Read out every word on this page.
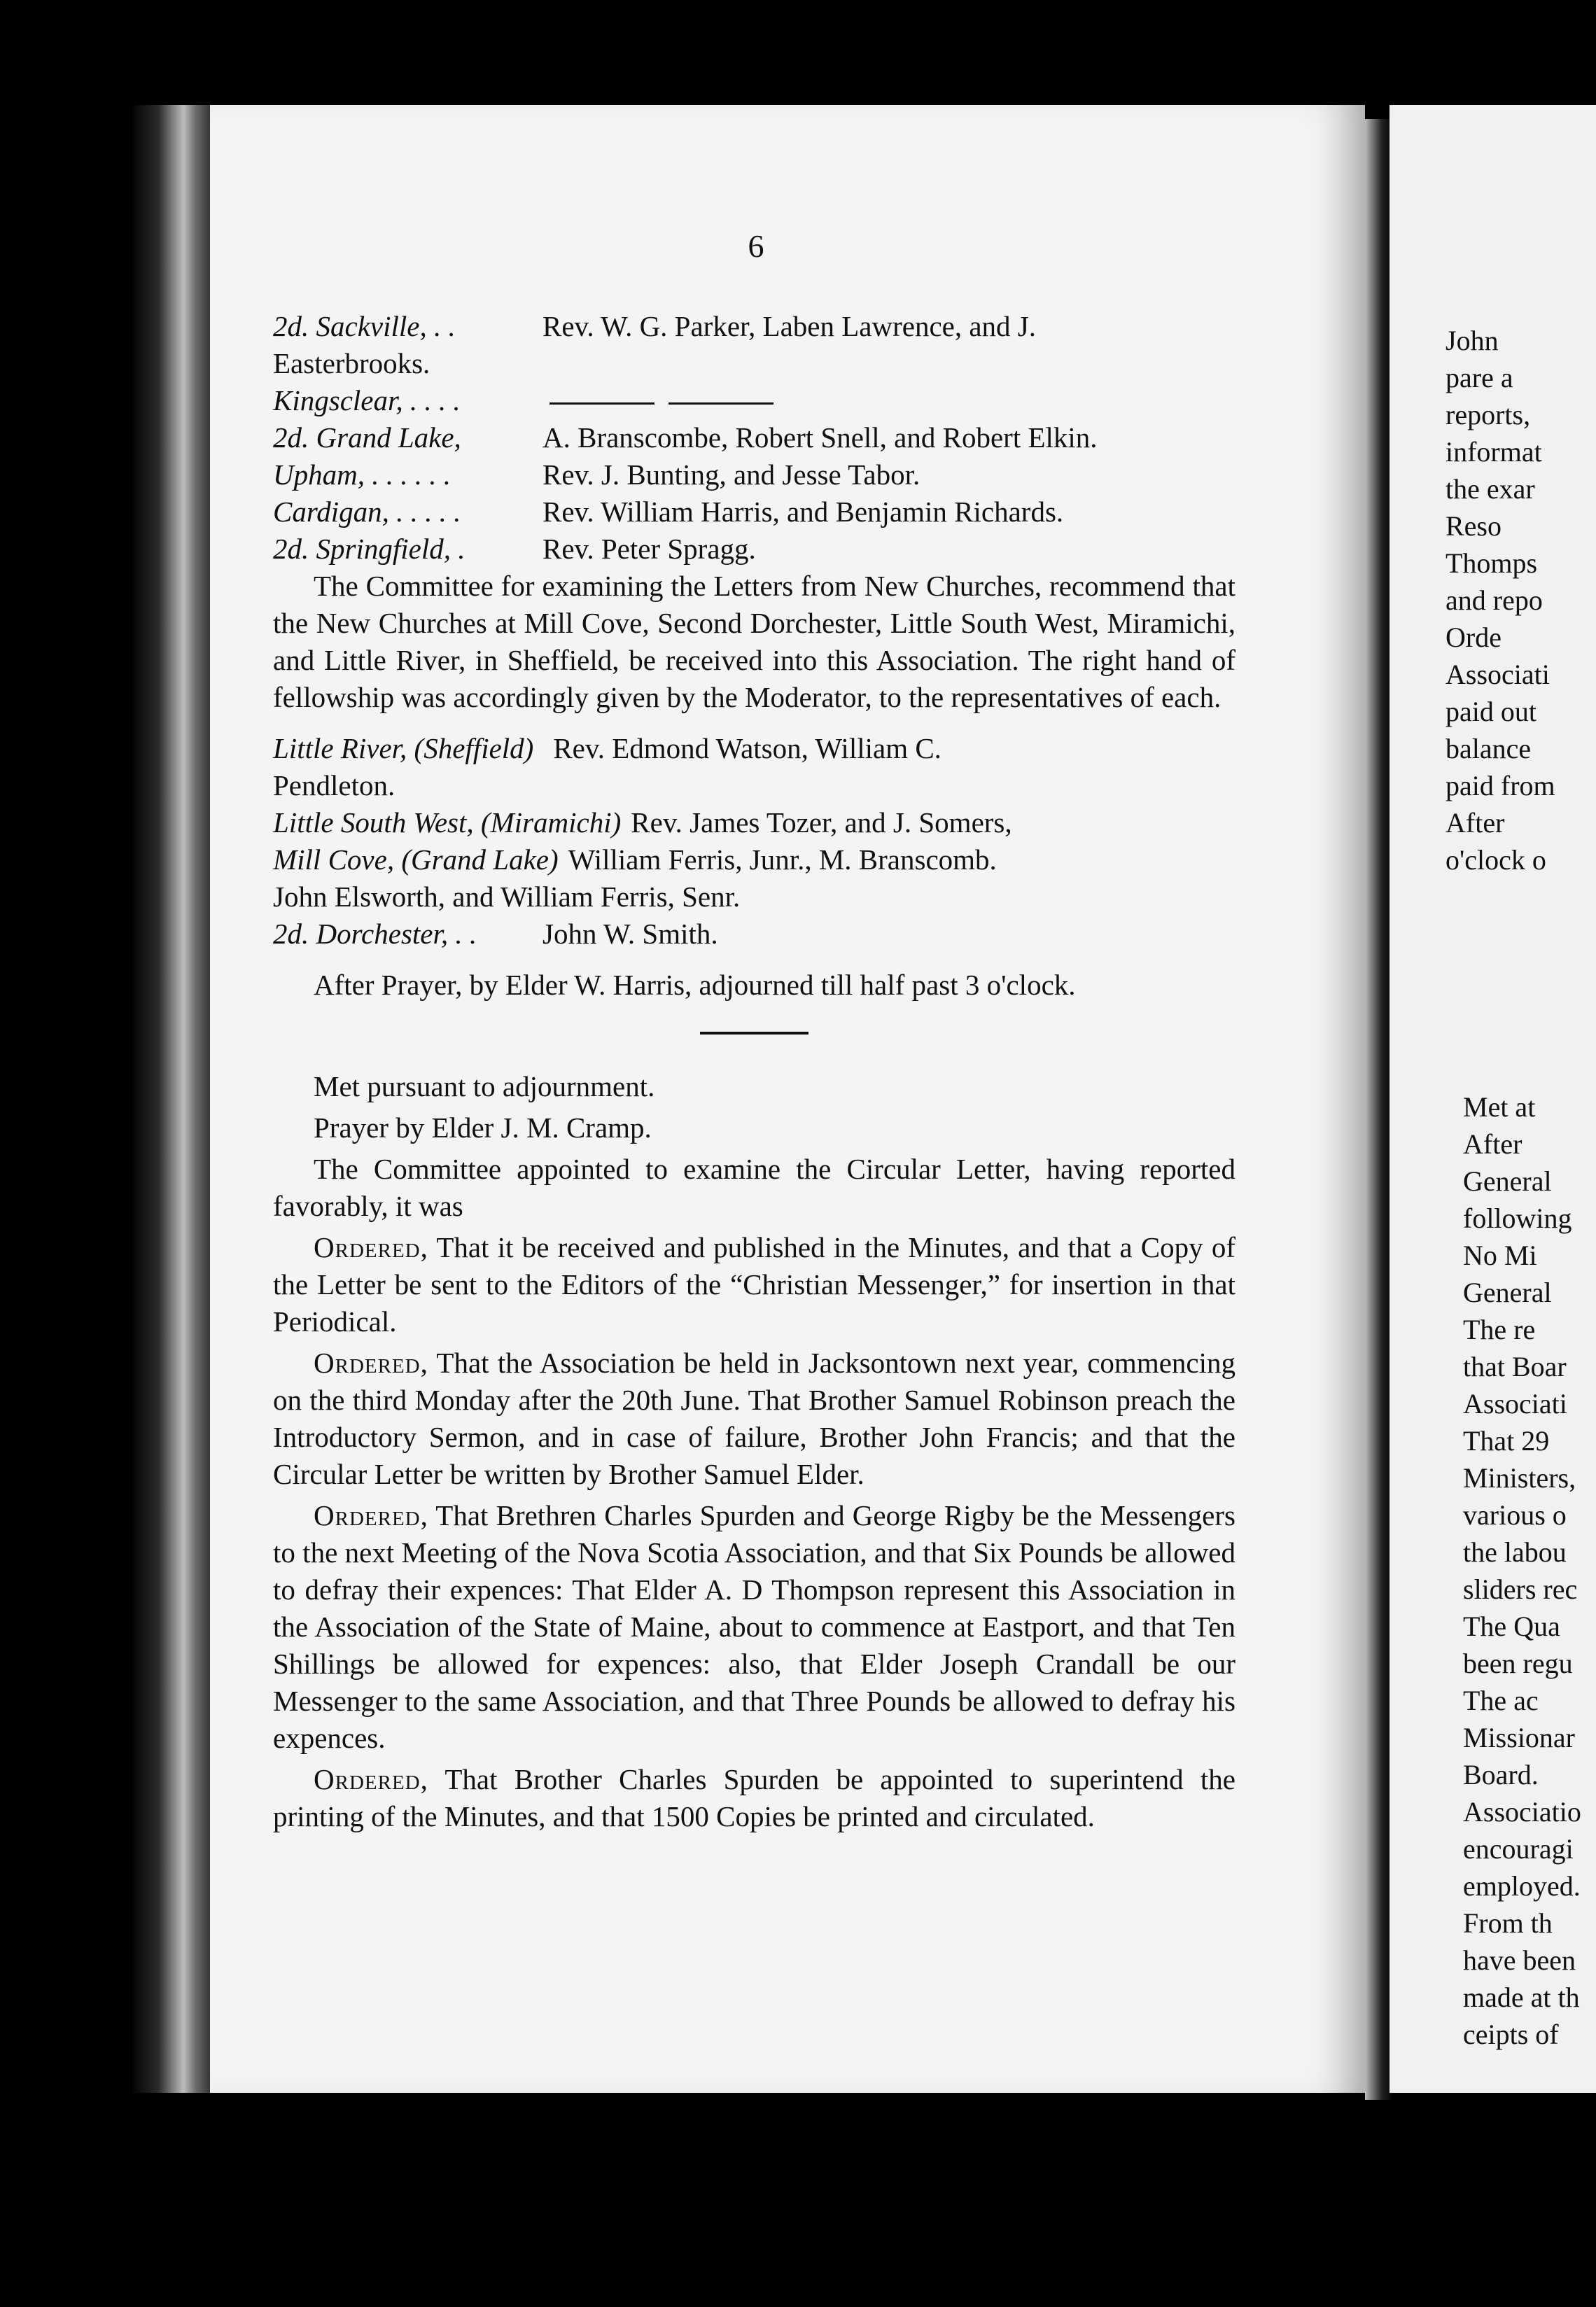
6
2d. Sackville, . .	Rev. W. G. Parker, Laben Lawrence, and J.
Easterbrooks.
Kingsclear, . . . .
2d. Grand Lake,	A. Branscombe, Robert Snell, and Robert Elkin.
Upham, . . . . . .	Rev. J. Bunting, and Jesse Tabor.
Cardigan, . . . . .	Rev. William Harris, and Benjamin Richards.
2d. Springfield, .	Rev. Peter Spragg.

The Committee for examining the Letters from New Churches, recommend that the New Churches at Mill Cove, Second Dorchester, Little South West, Miramichi, and Little River, in Sheffield, be received into this Association. The right hand of fellowship was accordingly given by the Moderator, to the representatives of each.

Little River, (Sheffield) Rev. Edmond Watson, William C.
Pendleton.
Little South West, (Miramichi) Rev. James Tozer, and J. Somers,
Mill Cove, (Grand Lake) William Ferris, Junr., M. Branscomb.
John Elsworth, and William Ferris, Senr.
2d. Dorchester, . .	John W. Smith.

After Prayer, by Elder W. Harris, adjourned till half past 3 o'clock.

Met pursuant to adjournment.

Prayer by Elder J. M. Cramp.

The Committee appointed to examine the Circular Letter, having reported favorably, it was

Ordered, That it be received and published in the Minutes, and that a Copy of the Letter be sent to the Editors of the “Christian Messenger,” for insertion in that Periodical.

Ordered, That the Association be held in Jacksontown next year, commencing on the third Monday after the 20th June. That Brother Samuel Robinson preach the Introductory Sermon, and in case of failure, Brother John Francis; and that the Circular Letter be written by Brother Samuel Elder.

Ordered, That Brethren Charles Spurden and George Rigby be the Messengers to the next Meeting of the Nova Scotia Association, and that Six Pounds be allowed to defray their expences: That Elder A. D Thompson represent this Association in the Association of the State of Maine, about to commence at Eastport, and that Ten Shillings be allowed for expences: also, that Elder Joseph Crandall be our Messenger to the same Association, and that Three Pounds be allowed to defray his expences.

Ordered, That Brother Charles Spurden be appointed to superintend the printing of the Minutes, and that 1500 Copies be printed and circulated.

John
pare a
reports,
informat
the exar
Reso
Thomps
and repo
Orde
Associati
paid out
balance
paid from
After
o'clock o
Met at
After
General
following
No Mi
General
The re
that Boar
Associati
That 29
Ministers,
various o
the labou
sliders rec
The Qua
been regu
The ac
Missionar
Board.
Associatio
encouragi
employed.
From th
have been
made at th
ceipts of
